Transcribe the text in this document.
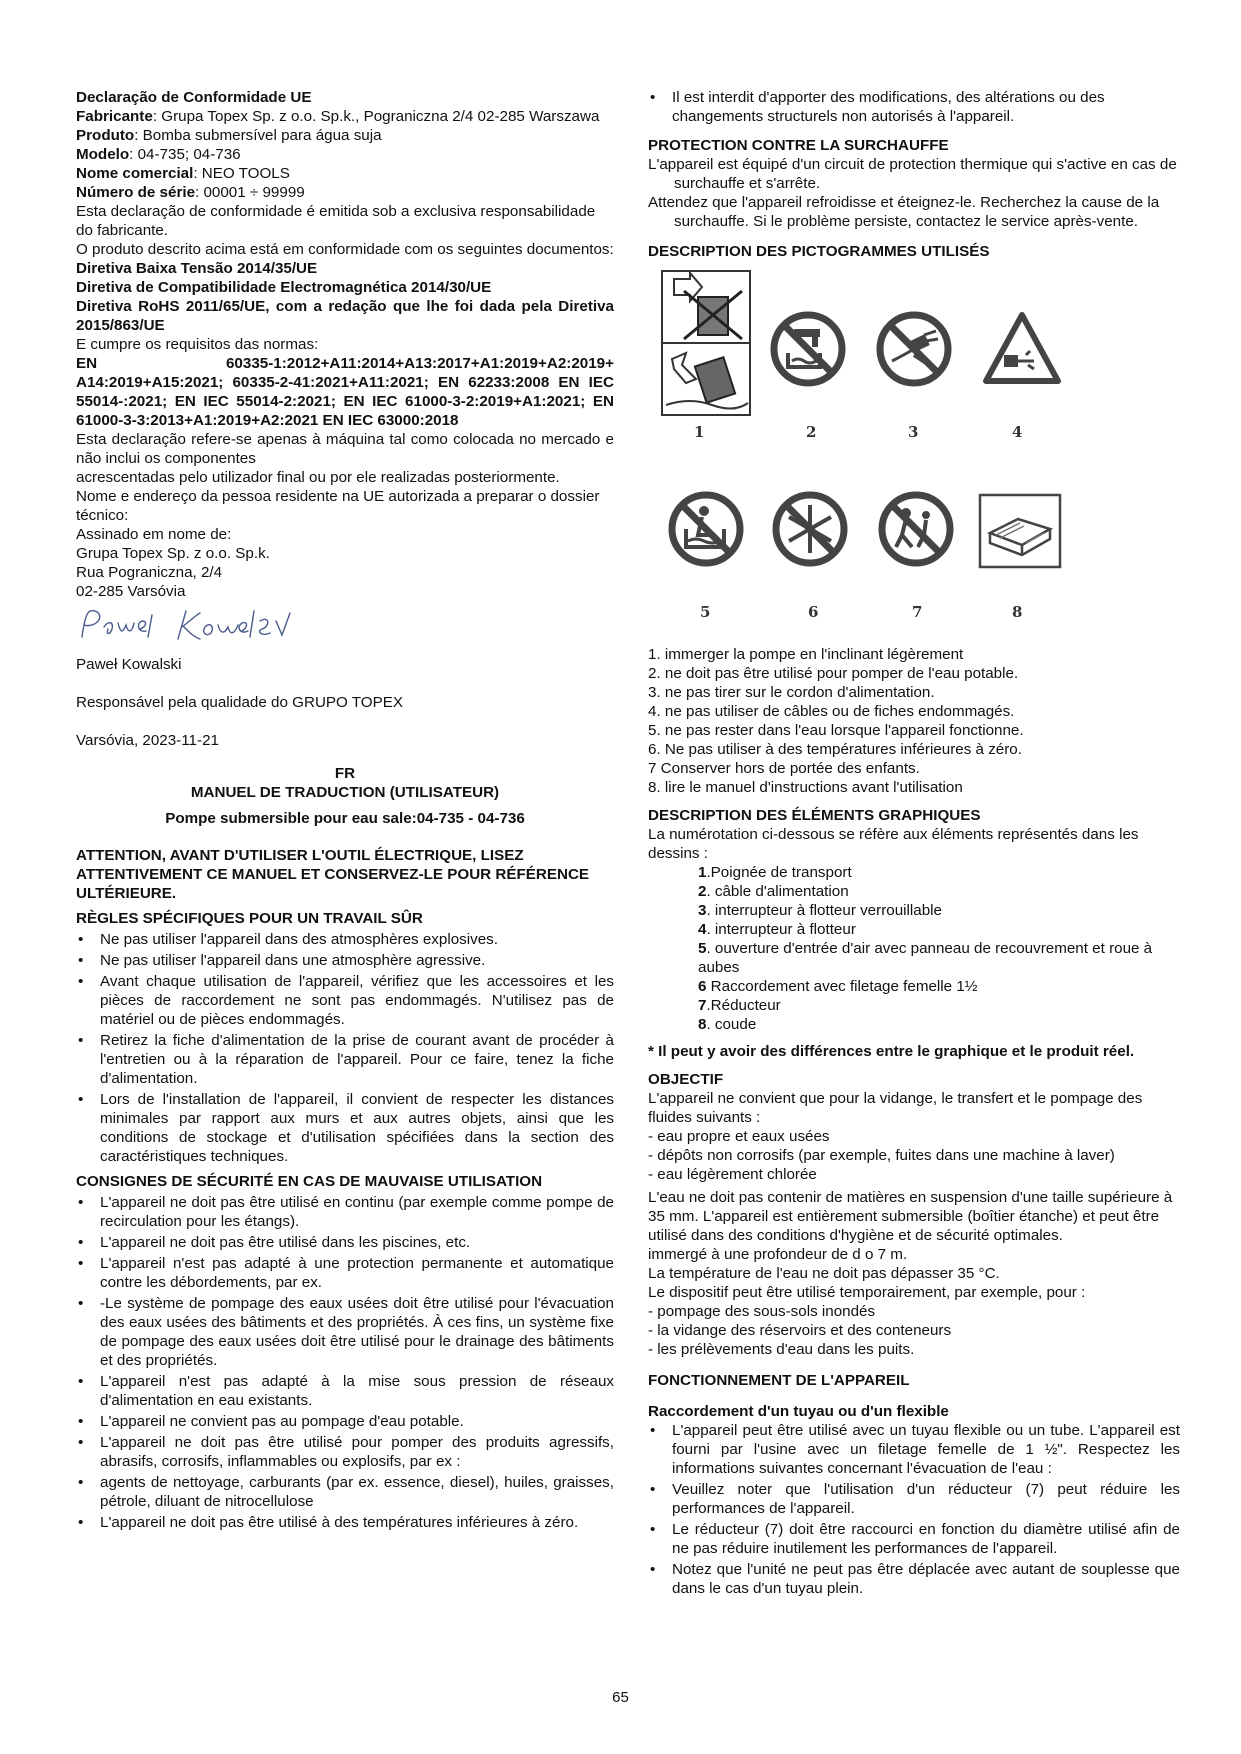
Declaração de Conformidade UE

Fabricante: Grupa Topex Sp. z o.o. Sp.k., Pograniczna 2/4 02-285 Warszawa

Produto: Bomba submersível para água suja

Modelo: 04-735; 04-736

Nome comercial: NEO TOOLS

Número de série: 00001 ÷ 99999

Esta declaração de conformidade é emitida sob a exclusiva responsabilidade do fabricante.

O produto descrito acima está em conformidade com os seguintes documentos:

Diretiva Baixa Tensão 2014/35/UE

Diretiva de Compatibilidade Electromagnética 2014/30/UE

Diretiva RoHS 2011/65/UE, com a redação que lhe foi dada pela Diretiva 2015/863/UE

E cumpre os requisitos das normas:

EN 60335-1:2012+A11:2014+A13:2017+A1:2019+A2:2019+ A14:2019+A15:2021; 60335-2-41:2021+A11:2021; EN 62233:2008 EN IEC 55014-:2021; EN IEC 55014-2:2021; EN IEC 61000-3-2:2019+A1:2021; EN 61000-3-3:2013+A1:2019+A2:2021 EN IEC 63000:2018

Esta declaração refere-se apenas à máquina tal como colocada no mercado e não inclui os componentes

acrescentadas pelo utilizador final ou por ele realizadas posteriormente.

Nome e endereço da pessoa residente na UE autorizada a preparar o dossier técnico:

Assinado em nome de:

Grupa Topex Sp. z o.o. Sp.k.

Rua Pograniczna, 2/4

02-285 Varsóvia

Paweł Kowalski

Responsável pela qualidade do GRUPO TOPEX

Varsóvia, 2023-11-21

FR

MANUEL DE TRADUCTION (UTILISATEUR)

Pompe submersible pour eau sale:04-735 - 04-736

ATTENTION, AVANT D'UTILISER L'OUTIL ÉLECTRIQUE, LISEZ ATTENTIVEMENT CE MANUEL ET CONSERVEZ-LE POUR RÉFÉRENCE ULTÉRIEURE.

RÈGLES SPÉCIFIQUES POUR UN TRAVAIL SÛR

• Ne pas utiliser l'appareil dans des atmosphères explosives.
• Ne pas utiliser l'appareil dans une atmosphère agressive.
• Avant chaque utilisation de l'appareil, vérifiez que les accessoires et les pièces de raccordement ne sont pas endommagés. N'utilisez pas de matériel ou de pièces endommagés.
• Retirez la fiche d'alimentation de la prise de courant avant de procéder à l'entretien ou à la réparation de l'appareil. Pour ce faire, tenez la fiche d'alimentation.
• Lors de l'installation de l'appareil, il convient de respecter les distances minimales par rapport aux murs et aux autres objets, ainsi que les conditions de stockage et d'utilisation spécifiées dans la section des caractéristiques techniques.

CONSIGNES DE SÉCURITÉ EN CAS DE MAUVAISE UTILISATION

• L'appareil ne doit pas être utilisé en continu (par exemple comme pompe de recirculation pour les étangs).
• L'appareil ne doit pas être utilisé dans les piscines, etc.
• L'appareil n'est pas adapté à une protection permanente et automatique contre les débordements, par ex.
• -Le système de pompage des eaux usées doit être utilisé pour l'évacuation des eaux usées des bâtiments et des propriétés. À ces fins, un système fixe de pompage des eaux usées doit être utilisé pour le drainage des bâtiments et des propriétés.
• L'appareil n'est pas adapté à la mise sous pression de réseaux d'alimentation en eau existants.
• L'appareil ne convient pas au pompage d'eau potable.
• L'appareil ne doit pas être utilisé pour pomper des produits agressifs, abrasifs, corrosifs, inflammables ou explosifs, par ex :
• agents de nettoyage, carburants (par ex. essence, diesel), huiles, graisses, pétrole, diluant de nitrocellulose
• L'appareil ne doit pas être utilisé à des températures inférieures à zéro.
• Il est interdit d'apporter des modifications, des altérations ou des changements structurels non autorisés à l'appareil.

PROTECTION CONTRE LA SURCHAUFFE

L'appareil est équipé d'un circuit de protection thermique qui s'active en cas de surchauffe et s'arrête.

Attendez que l'appareil refroidisse et éteignez-le. Recherchez la cause de la surchauffe. Si le problème persiste, contactez le service après-vente.

DESCRIPTION DES PICTOGRAMMES UTILISÉS

1	2	3	4
5	6	7	8

1. immerger la pompe en l'inclinant légèrement

2. ne doit pas être utilisé pour pomper de l'eau potable.

3. ne pas tirer sur le cordon d'alimentation.

4. ne pas utiliser de câbles ou de fiches endommagés.

5. ne pas rester dans l'eau lorsque l'appareil fonctionne.

6. Ne pas utiliser à des températures inférieures à zéro.

7 Conserver hors de portée des enfants.

8. lire le manuel d'instructions avant l'utilisation

DESCRIPTION DES ÉLÉMENTS GRAPHIQUES

La numérotation ci-dessous se réfère aux éléments représentés dans les dessins :

1.Poignée de transport

2. câble d'alimentation

3. interrupteur à flotteur verrouillable

4. interrupteur à flotteur

5. ouverture d'entrée d'air avec panneau de recouvrement et roue à aubes

6 Raccordement avec filetage femelle 1½

7.Réducteur

8. coude

* Il peut y avoir des différences entre le graphique et le produit réel.

OBJECTIF

L'appareil ne convient que pour la vidange, le transfert et le pompage des fluides suivants :

- eau propre et eaux usées

- dépôts non corrosifs (par exemple, fuites dans une machine à laver)

- eau légèrement chlorée

L'eau ne doit pas contenir de matières en suspension d'une taille supérieure à 35 mm. L'appareil est entièrement submersible (boîtier étanche) et peut être utilisé dans des conditions d'hygiène et de sécurité optimales.

immergé à une profondeur de d o 7 m.

La température de l'eau ne doit pas dépasser 35 °C.

Le dispositif peut être utilisé temporairement, par exemple, pour :

- pompage des sous-sols inondés

- la vidange des réservoirs et des conteneurs

- les prélèvements d'eau dans les puits.

FONCTIONNEMENT DE L'APPAREIL

Raccordement d'un tuyau ou d'un flexible

• L'appareil peut être utilisé avec un tuyau flexible ou un tube. L'appareil est fourni par l'usine avec un filetage femelle de 1 ½". Respectez les informations suivantes concernant l'évacuation de l'eau :
• Veuillez noter que l'utilisation d'un réducteur (7) peut réduire les performances de l'appareil.
• Le réducteur (7) doit être raccourci en fonction du diamètre utilisé afin de ne pas réduire inutilement les performances de l'appareil.
• Notez que l'unité ne peut pas être déplacée avec autant de souplesse que dans le cas d'un tuyau plein.
65
